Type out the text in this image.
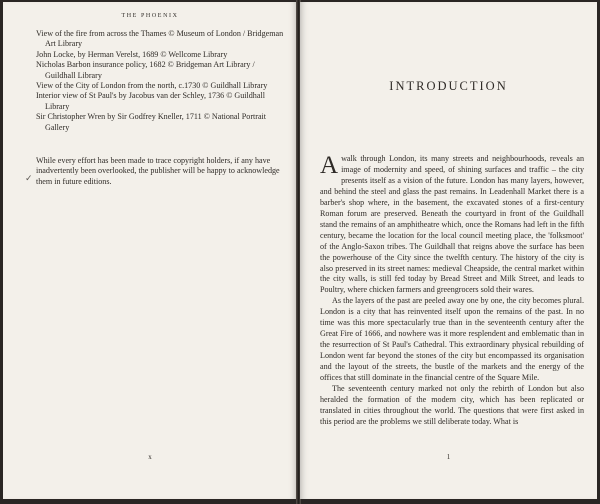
THE PHOENIX
View of the fire from across the Thames © Museum of London / Bridgeman Art Library
John Locke, by Herman Verelst, 1689 © Wellcome Library
Nicholas Barbon insurance policy, 1682 © Bridgeman Art Library / Guildhall Library
View of the City of London from the north, c.1730 © Guildhall Library
Interior view of St Paul's by Jacobus van der Schley, 1736 © Guildhall Library
Sir Christopher Wren by Sir Godfrey Kneller, 1711 © National Portrait Gallery
✓

While every effort has been made to trace copyright holders, if any have inadvertently been overlooked, the publisher will be happy to acknowledge them in future editions.

x
INTRODUCTION

A walk through London, its many streets and neighbourhoods, reveals an image of modernity and speed, of shining surfaces and traffic – the city presents itself as a vision of the future. London has many layers, however, and behind the steel and glass the past remains. In Leadenhall Market there is a barber's shop where, in the basement, the excavated stones of a first-century Roman forum are preserved. Beneath the courtyard in front of the Guildhall stand the remains of an amphitheatre which, once the Romans had left in the fifth century, became the location for the local council meeting place, the 'folksmoot' of the Anglo-Saxon tribes. The Guildhall that reigns above the surface has been the powerhouse of the City since the twelfth century. The history of the city is also preserved in its street names: medieval Cheapside, the central market within the city walls, is still fed today by Bread Street and Milk Street, and leads to Poultry, where chicken farmers and greengrocers sold their wares.

As the layers of the past are peeled away one by one, the city becomes plural. London is a city that has reinvented itself upon the remains of the past. In no time was this more spectacularly true than in the seventeenth century after the Great Fire of 1666, and nowhere was it more resplendent and emblematic than in the resurrection of St Paul's Cathedral. This extraordinary physical rebuilding of London went far beyond the stones of the city but encompassed its organisation and the layout of the streets, the bustle of the markets and the energy of the offices that still dominate in the financial centre of the Square Mile.

The seventeenth century marked not only the rebirth of London but also heralded the formation of the modern city, which has been replicated or translated in cities throughout the world. The questions that were first asked in this period are the problems we still deliberate today. What is

1
